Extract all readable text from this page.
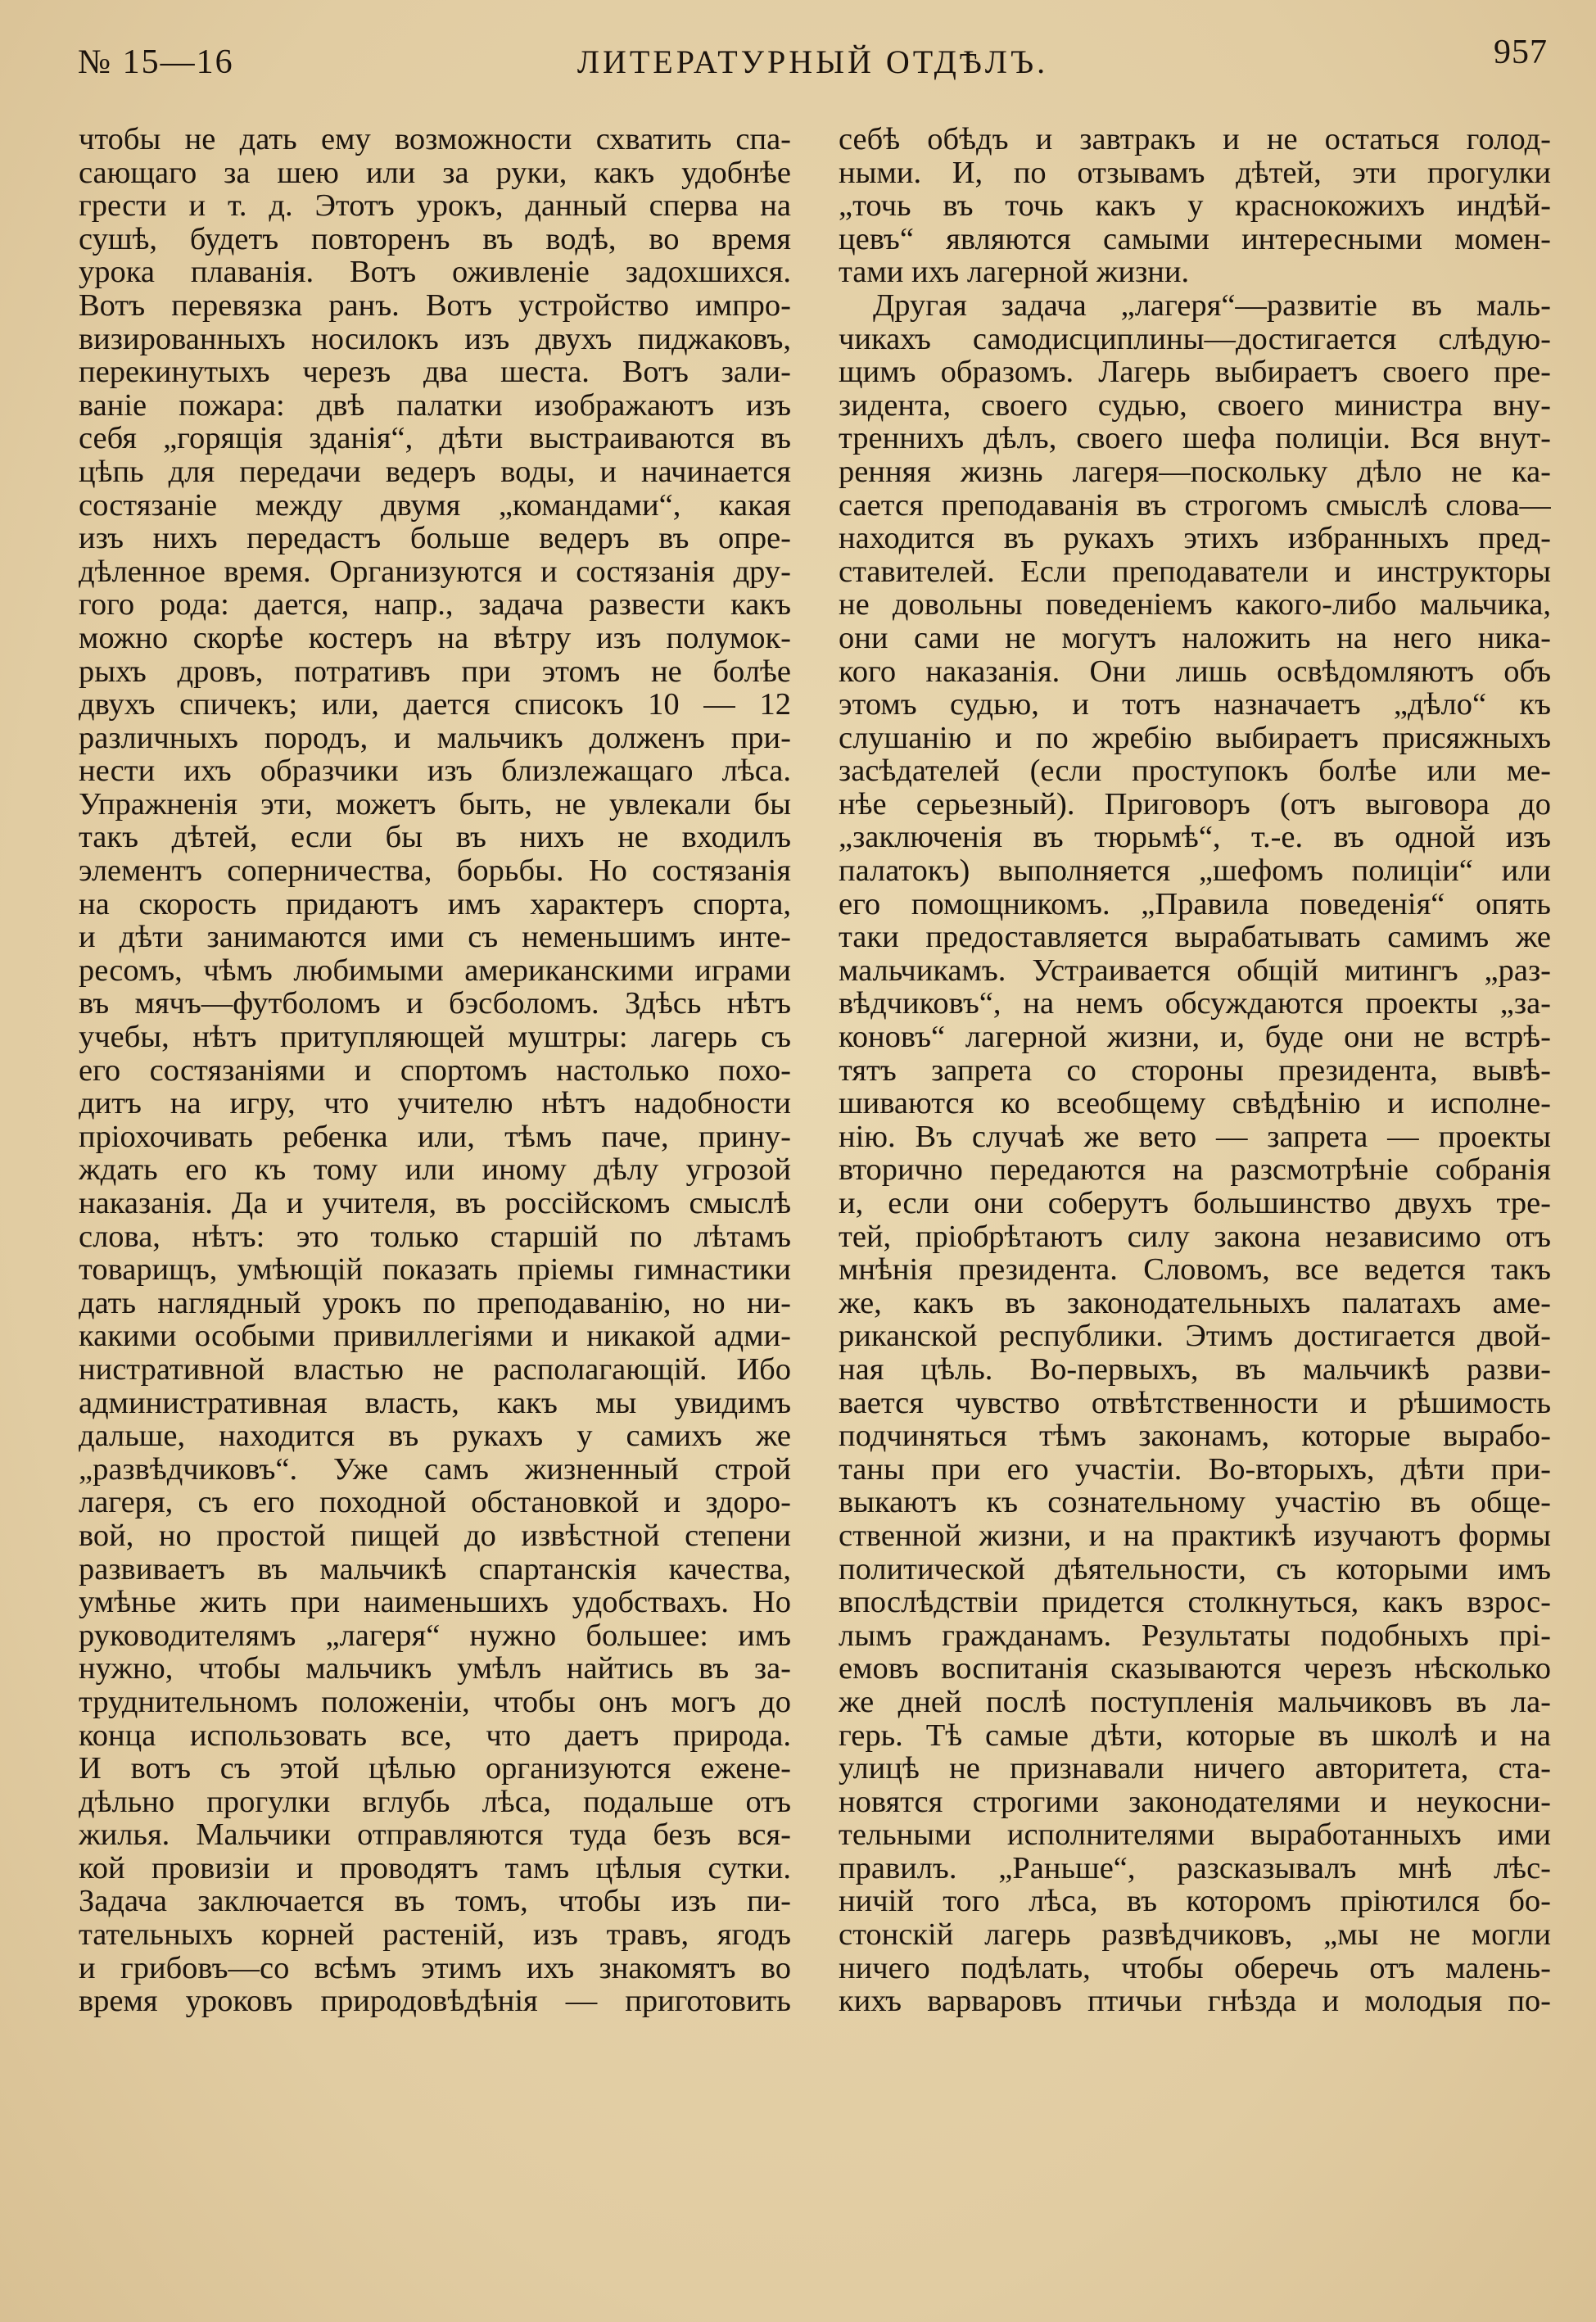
№ 15—16	ЛИТЕРАТУРНЫЙ ОТДѢЛЪ.	957

чтобы не дать ему возможности схватить спа-

сающаго за шею или за руки, какъ удобнѣе

грести и т. д. Этотъ урокъ, данный сперва на

сушѣ, будетъ повторенъ въ водѣ, во время

урока плаванія. Вотъ оживленіе задохшихся.

Вотъ перевязка ранъ. Вотъ устройство импро-

визированныхъ носилокъ изъ двухъ пиджаковъ,

перекинутыхъ черезъ два шеста. Вотъ зали-

ваніе пожара: двѣ палатки изображаютъ изъ

себя „горящія зданія“, дѣти выстраиваются въ

цѣпь для передачи ведеръ воды, и начинается

состязаніе между двумя „командами“, какая

изъ нихъ передастъ больше ведеръ въ опре-

дѣленное время. Организуются и состязанія дру-

гого рода: дается, напр., задача развести какъ

можно скорѣе костеръ на вѣтру изъ полумок-

рыхъ дровъ, потративъ при этомъ не болѣе

двухъ спичекъ; или, дается списокъ 10 — 12

различныхъ породъ, и мальчикъ долженъ при-

нести ихъ образчики изъ близлежащаго лѣса.

Упражненія эти, можетъ быть, не увлекали бы

такъ дѣтей, если бы въ нихъ не входилъ

элементъ соперничества, борьбы. Но состязанія

на скорость придаютъ имъ характеръ спорта,

и дѣти занимаются ими съ неменьшимъ инте-

ресомъ, чѣмъ любимыми американскими играми

въ мячъ—футболомъ и бэсболомъ. Здѣсь нѣтъ

учебы, нѣтъ притупляющей муштры: лагерь съ

его состязаніями и спортомъ настолько похо-

дитъ на игру, что учителю нѣтъ надобности

пріохочивать ребенка или, тѣмъ паче, прину-

ждать его къ тому или иному дѣлу угрозой

наказанія. Да и учителя, въ россійскомъ смыслѣ

слова, нѣтъ: это только старшій по лѣтамъ

товарищъ, умѣющій показать пріемы гимнастики

дать наглядный урокъ по преподаванію, но ни-

какими особыми привиллегіями и никакой адми-

нистративной властью не располагающій. Ибо

административная власть, какъ мы увидимъ

дальше, находится въ рукахъ у самихъ же

„развѣдчиковъ“. Уже самъ жизненный строй

лагеря, съ его походной обстановкой и здоро-

вой, но простой пищей до извѣстной степени

развиваетъ въ мальчикѣ спартанскія качества,

умѣнье жить при наименьшихъ удобствахъ. Но

руководителямъ „лагеря“ нужно большее: имъ

нужно, чтобы мальчикъ умѣлъ найтись въ за-

труднительномъ положеніи, чтобы онъ могъ до

конца использовать все, что даетъ природа.

И вотъ съ этой цѣлью организуются еженe-

дѣльно прогулки вглубь лѣса, подальше отъ

жилья. Мальчики отправляются туда безъ вся-

кой провизіи и проводятъ тамъ цѣлыя сутки.

Задача заключается въ томъ, чтобы изъ пи-

тательныхъ корней растеній, изъ травъ, ягодъ

и грибовъ—со всѣмъ этимъ ихъ знакомятъ во

время уроковъ природовѣдѣнія — приготовить

себѣ обѣдъ и завтракъ и не остаться голод-

ными. И, по отзывамъ дѣтей, эти прогулки

„точь въ точь какъ у краснокожихъ индѣй-

цевъ“ являются самыми интересными момен-

тами ихъ лагерной жизни.

Другая задача „лагеря“—развитіе въ маль-

чикахъ самодисциплины—достигается слѣдую-

щимъ образомъ. Лагерь выбираетъ своего пре-

зидента, своего судью, своего министра вну-

треннихъ дѣлъ, своего шефа полиціи. Вся внут-

ренняя жизнь лагеря—поскольку дѣло не ка-

сается преподаванія въ строгомъ смыслѣ слова—

находится въ рукахъ этихъ избранныхъ пред-

ставителей. Если преподаватели и инструкторы

не довольны поведеніемъ какого-либо мальчика,

они сами не могутъ наложить на него ника-

кого наказанія. Они лишь освѣдомляютъ объ

этомъ судью, и тотъ назначаетъ „дѣло“ къ

слушанію и по жребію выбираетъ присяжныхъ

засѣдателей (если проступокъ болѣе или ме-

нѣе серьезный). Приговоръ (отъ выговора до

„заключенія въ тюрьмѣ“, т.-е. въ одной изъ

палатокъ) выполняется „шефомъ полиціи“ или

его помощникомъ. „Правила поведенія“ опять

таки предоставляется вырабатывать самимъ же

мальчикамъ. Устраивается общій митингъ „раз-

вѣдчиковъ“, на немъ обсуждаются проекты „за-

коновъ“ лагерной жизни, и, буде они не встрѣ-

тятъ запрета со стороны президента, вывѣ-

шиваются ко всеобщему свѣдѣнію и исполне-

нію. Въ случаѣ же вето — запрета — проекты

вторично передаются на разсмотрѣніе собранія

и, если они соберутъ большинство двухъ тре-

тей, пріобрѣтаютъ силу закона независимо отъ

мнѣнія президента. Словомъ, все ведется такъ

же, какъ въ законодательныхъ палатахъ аме-

риканской республики. Этимъ достигается двой-

ная цѣль. Во-первыхъ, въ мальчикѣ разви-

вается чувство отвѣтственности и рѣшимость

подчиняться тѣмъ законамъ, которые вырабо-

таны при его участіи. Во-вторыхъ, дѣти при-

выкаютъ къ сознательному участію въ обще-

ственной жизни, и на практикѣ изучаютъ формы

политической дѣятельности, съ которыми имъ

впослѣдствіи придется столкнуться, какъ взрос-

лымъ гражданамъ. Результаты подобныхъ прі-

емовъ воспитанія сказываются черезъ нѣсколько

же дней послѣ поступленія мальчиковъ въ ла-

герь. Тѣ самые дѣти, которые въ школѣ и на

улицѣ не признавали ничего авторитета, ста-

новятся строгими законодателями и неукосни-

тельными исполнителями выработанныхъ ими

правилъ. „Раньше“, разсказывалъ мнѣ лѣс-

ничій того лѣса, въ которомъ пріютился бо-

стонскій лагерь развѣдчиковъ, „мы не могли

ничего подѣлать, чтобы оберечь отъ малень-

кихъ варваровъ птичьи гнѣзда и молодыя по-
